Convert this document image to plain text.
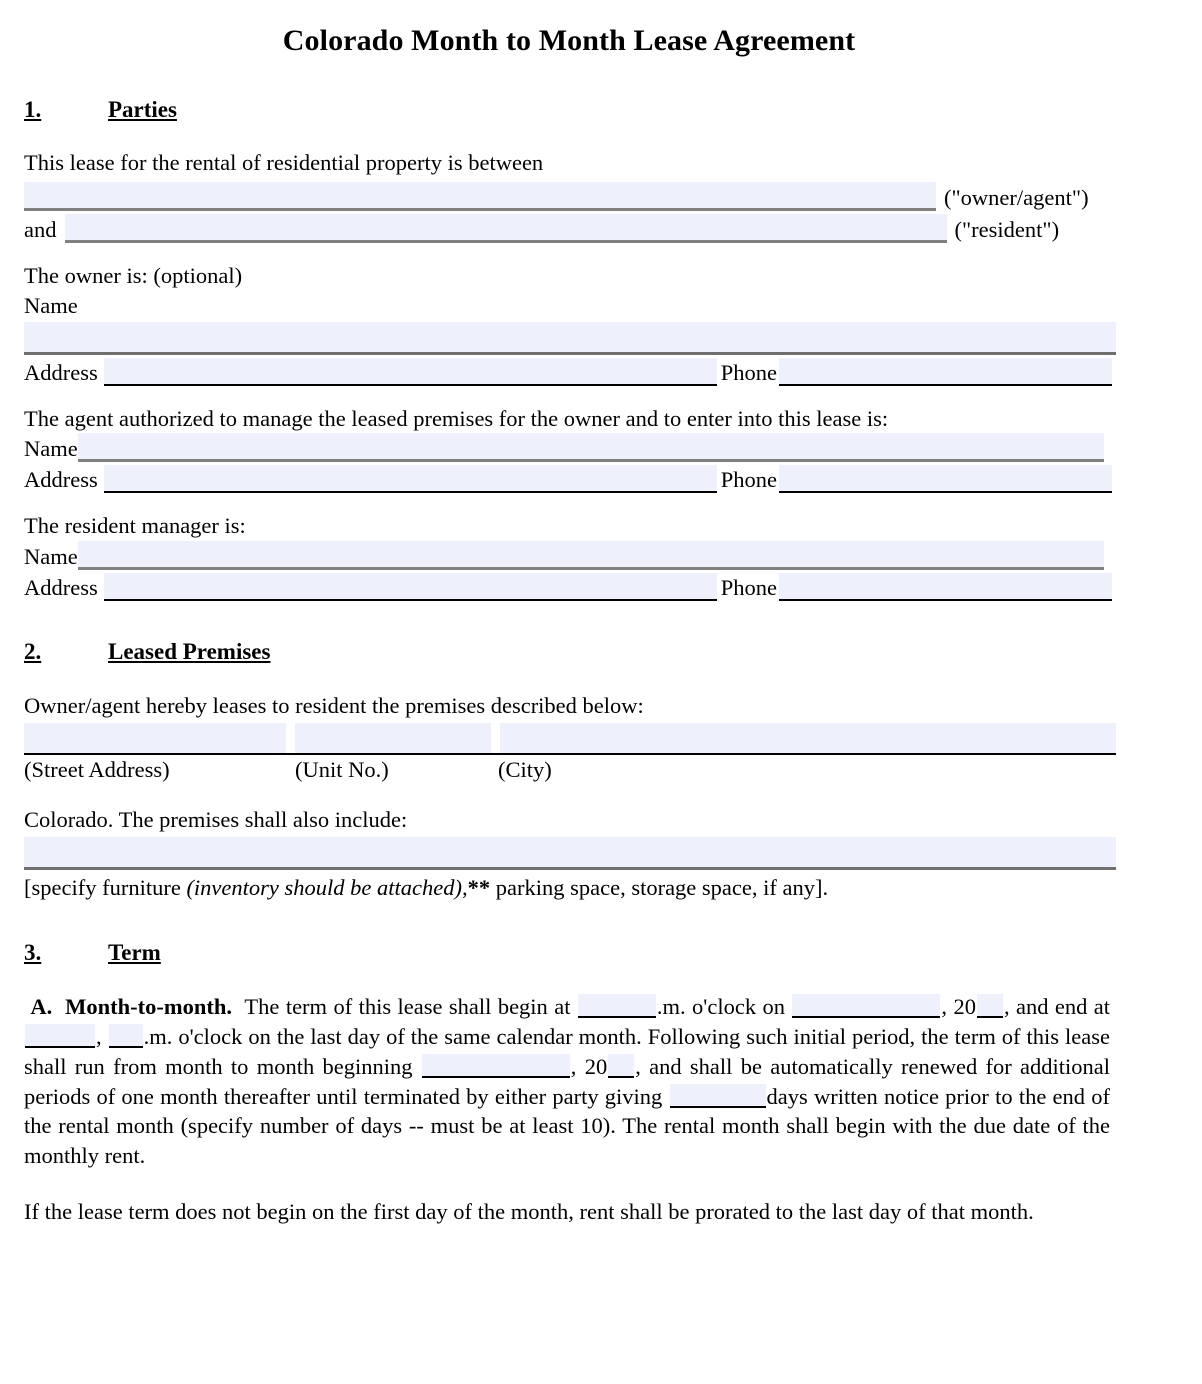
Colorado Month to Month Lease Agreement
1.	Parties
This lease for the rental of residential property is between
("owner/agent")
and	("resident")
The owner is: (optional)
Name
Address	Phone
The agent authorized to manage the leased premises for the owner and to enter into this lease is:
Name
Address	Phone
The resident manager is:
Name
Address	Phone
2.	Leased Premises
Owner/agent hereby leases to resident the premises described below:
(Street Address)	(Unit No.)	(City)
Colorado. The premises shall also include:
[specify furniture (inventory should be attached),** parking space, storage space, if any].
3.	Term
A. Month-to-month. The term of this lease shall begin at	.m. o'clock on	, 20 , and end at , .m. o'clock on the last day of the same calendar month. Following such initial period, the term of this lease shall run from month to month beginning	, 20 , and shall be automatically renewed for additional periods of one month thereafter until terminated by either party giving	days written notice prior to the end of the rental month (specify number of days -- must be at least 10). The rental month shall begin with the due date of the monthly rent.
If the lease term does not begin on the first day of the month, rent shall be prorated to the last day of that month.
